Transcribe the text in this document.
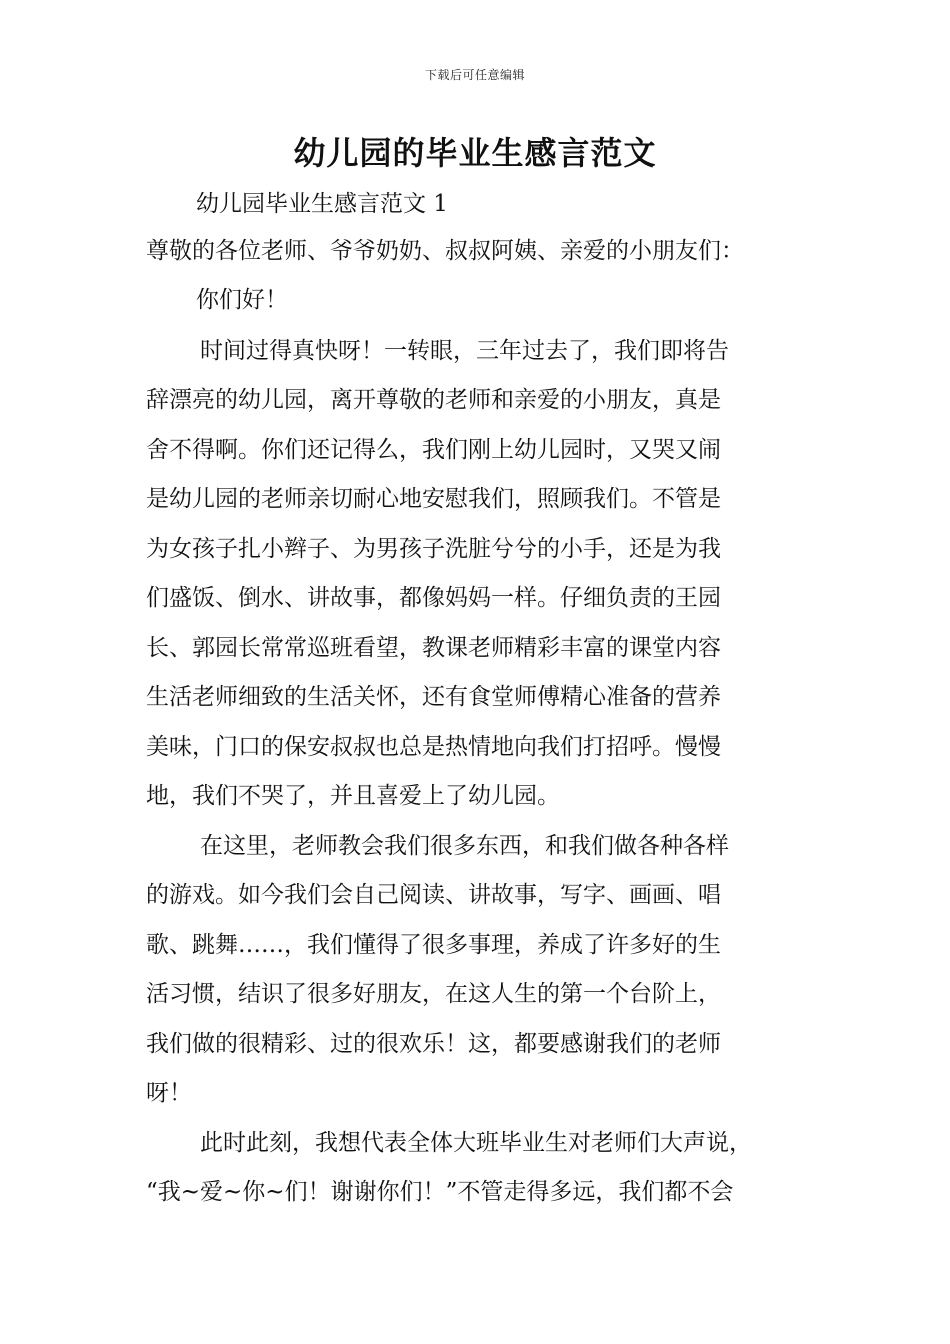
下载后可任意编辑
幼儿园的毕业生感言范文

幼儿园毕业生感言范文 1

尊敬的各位老师、爷爷奶奶、叔叔阿姨、亲爱的小朋友们：

你们好！

时间过得真快呀！一转眼，三年过去了，我们即将告

辞漂亮的幼儿园，离开尊敬的老师和亲爱的小朋友，真是

舍不得啊。你们还记得么，我们刚上幼儿园时，又哭又闹

是幼儿园的老师亲切耐心地安慰我们，照顾我们。不管是

为女孩子扎小辫子、为男孩子洗脏兮兮的小手，还是为我

们盛饭、倒水、讲故事，都像妈妈一样。仔细负责的王园

长、郭园长常常巡班看望，教课老师精彩丰富的课堂内容

生活老师细致的生活关怀，还有食堂师傅精心准备的营养

美味，门口的保安叔叔也总是热情地向我们打招呼。慢慢

地，我们不哭了，并且喜爱上了幼儿园。

在这里，老师教会我们很多东西，和我们做各种各样

的游戏。如今我们会自己阅读、讲故事，写字、画画、唱

歌、跳舞……，我们懂得了很多事理，养成了许多好的生

活习惯，结识了很多好朋友，在这人生的第一个台阶上，

我们做的很精彩、过的很欢乐！这，都要感谢我们的老师

呀！

此时此刻，我想代表全体大班毕业生对老师们大声说，

“我~爱~你~们！谢谢你们！”不管走得多远，我们都不会
